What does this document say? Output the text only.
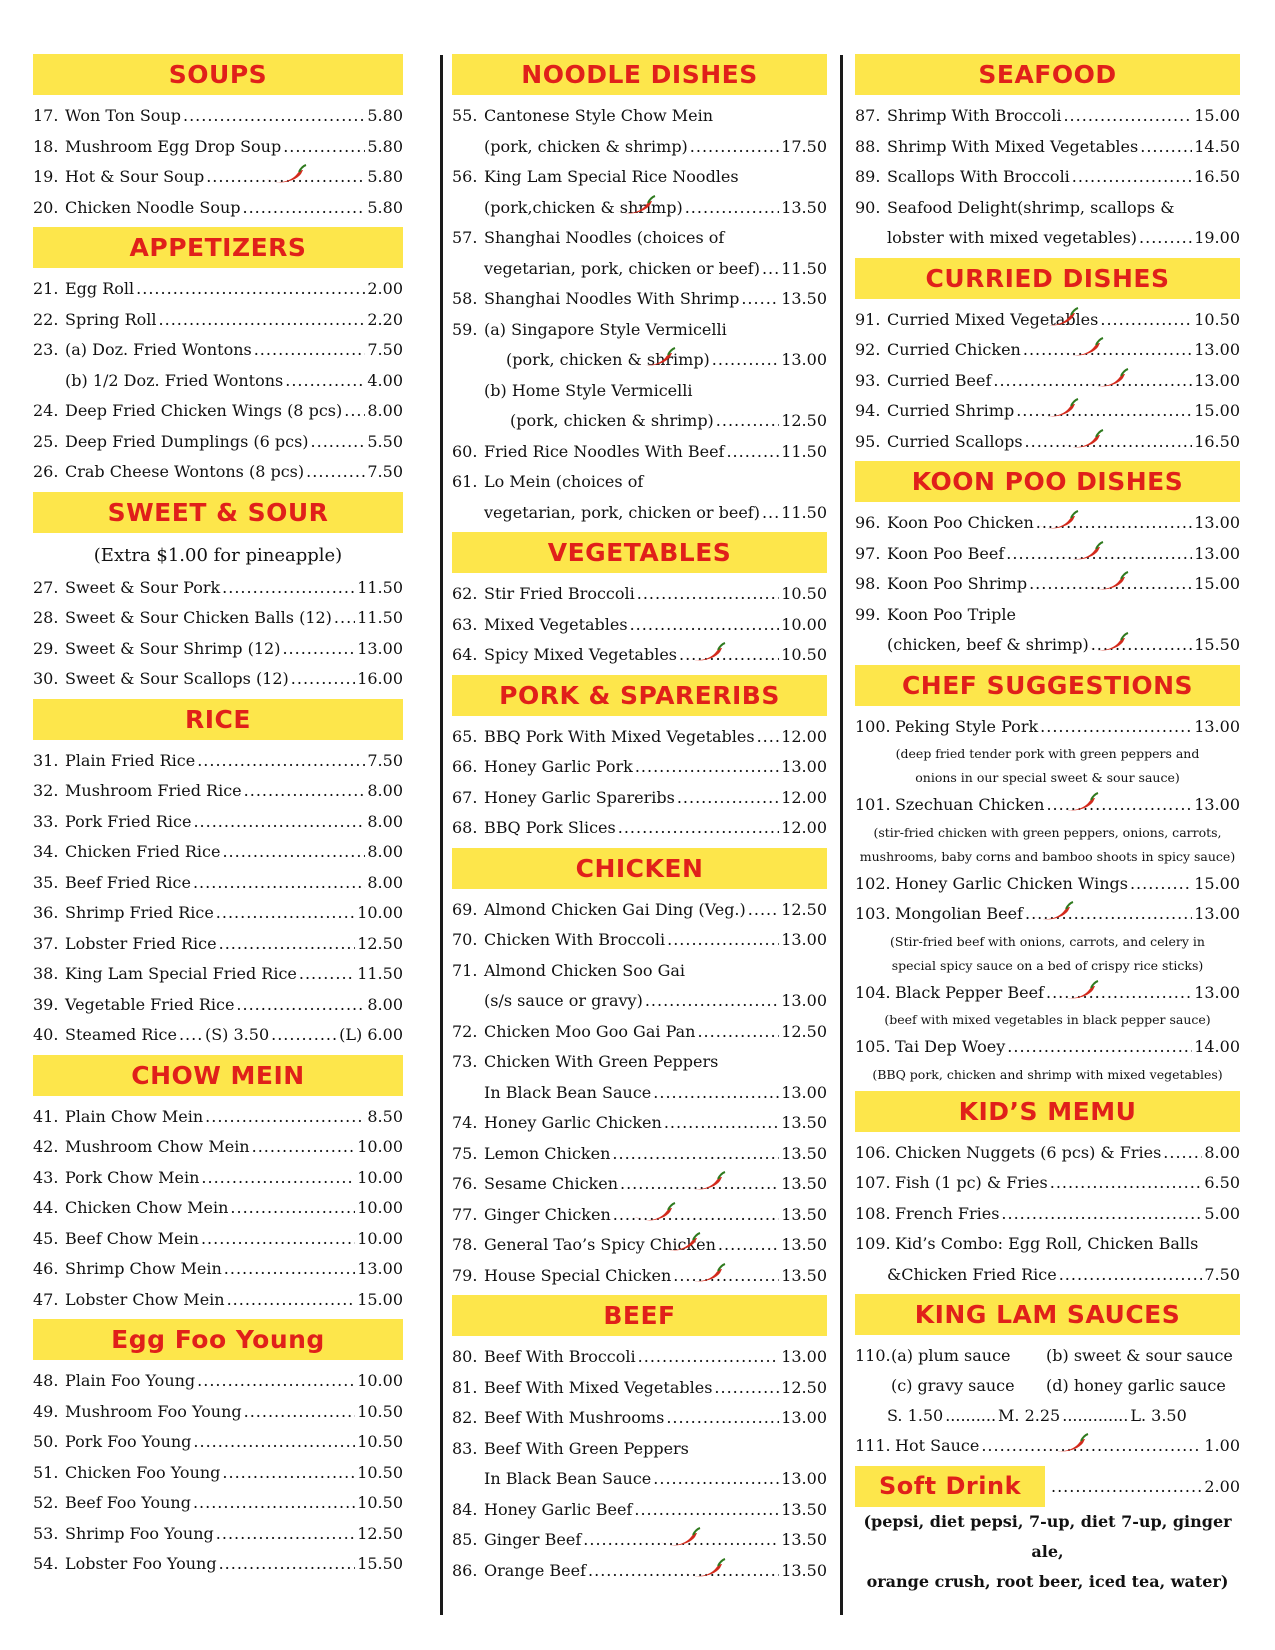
SOUPS
17. Won Ton Soup .....	5.80
18. Mushroom Egg Drop Soup .....	5.80
19. Hot & Sour Soup .....	5.80
20. Chicken Noodle Soup .....	5.80
APPETIZERS
21. Egg Roll .....	2.00
22. Spring Roll .....	2.20
23. (a) Doz. Fried Wontons .....	7.50
(b) 1/2 Doz. Fried Wontons .....	4.00
24. Deep Fried Chicken Wings (8 pcs) ..... 8.00
25. Deep Fried Dumplings (6 pcs) .....	5.50
26. Crab Cheese Wontons (8 pcs) .....	7.50
SWEET & SOUR
(Extra $1.00 for pineapple)
27. Sweet & Sour Pork .....	11.50
28. Sweet & Sour Chicken Balls (12) ..... 11.50
29. Sweet & Sour Shrimp (12) .....	13.00
30. Sweet & Sour Scallops (12) .....	16.00
RICE
31. Plain Fried Rice .....	7.50
32. Mushroom Fried Rice .....	8.00
33. Pork Fried Rice .....	8.00
34. Chicken Fried Rice .....	8.00
35. Beef Fried Rice .....	8.00
36. Shrimp Fried Rice .....	10.00
37. Lobster Fried Rice .....	12.50
38. King Lam Special Fried Rice .....	11.50
39. Vegetable Fried Rice .....	8.00
40. Steamed Rice ..... (S) 3.50 .....	(L) 6.00
CHOW MEIN
41. Plain Chow Mein .....	8.50
42. Mushroom Chow Mein .....	10.00
43. Pork Chow Mein .....	10.00
44. Chicken Chow Mein .....	10.00
45. Beef Chow Mein .....	10.00
46. Shrimp Chow Mein .....	13.00
47. Lobster Chow Mein .....	15.00
Egg Foo Young
48. Plain Foo Young .....	10.00
49. Mushroom Foo Young .....	10.50
50. Pork Foo Young .....	10.50
51. Chicken Foo Young .....	10.50
52. Beef Foo Young .....	10.50
53. Shrimp Foo Young .....	12.50
54. Lobster Foo Young .....	15.50
NOODLE DISHES
55. Cantonese Style Chow Mein
(pork, chicken & shrimp) .....	17.50
56. King Lam Special Rice Noodles
(pork,chicken & shrimp) .....	13.50
57. Shanghai Noodles (choices of
vegetarian, pork, chicken or beef) ..... 11.50
58. Shanghai Noodles With Shrimp .....	13.50
59. (a) Singapore Style Vermicelli
(pork, chicken & shrimp) .....	13.00
(b) Home Style Vermicelli
(pork, chicken & shrimp) .....	12.50
60. Fried Rice Noodles With Beef .....	11.50
61. Lo Mein (choices of
vegetarian, pork, chicken or beef) ..... 11.50
VEGETABLES
62. Stir Fried Broccoli .....	10.50
63. Mixed Vegetables .....	10.00
64. Spicy Mixed Vegetables .....	10.50
PORK & SPARERIBS
65. BBQ Pork With Mixed Vegetables ..... 12.00
66. Honey Garlic Pork .....	13.00
67. Honey Garlic Spareribs .....	12.00
68. BBQ Pork Slices .....	12.00
CHICKEN
69. Almond Chicken Gai Ding (Veg.) ..... 12.50
70. Chicken With Broccoli .....	13.00
71. Almond Chicken Soo Gai
(s/s sauce or gravy) .....	13.00
72. Chicken Moo Goo Gai Pan .....	12.50
73. Chicken With Green Peppers
In Black Bean Sauce .....	13.00
74. Honey Garlic Chicken .....	13.50
75. Lemon Chicken .....	13.50
76. Sesame Chicken .....	13.50
77. Ginger Chicken .....	13.50
78. General Tao’s Spicy Chicken .....	13.50
79. House Special Chicken .....	13.50
BEEF
80. Beef With Broccoli .....	13.00
81. Beef With Mixed Vegetables .....	12.50
82. Beef With Mushrooms .....	13.00
83. Beef With Green Peppers
In Black Bean Sauce .....	13.00
84. Honey Garlic Beef .....	13.50
85. Ginger Beef .....	13.50
86. Orange Beef .....	13.50
SEAFOOD
87. Shrimp With Broccoli .....	15.00
88. Shrimp With Mixed Vegetables .....	14.50
89. Scallops With Broccoli .....	16.50
90. Seafood Delight(shrimp, scallops &
lobster with mixed vegetables) .....	19.00
CURRIED DISHES
91. Curried Mixed Vegetables .....	10.50
92. Curried Chicken .....	13.00
93. Curried Beef .....	13.00
94. Curried Shrimp .....	15.00
95. Curried Scallops .....	16.50
KOON POO DISHES
96. Koon Poo Chicken .....	13.00
97. Koon Poo Beef .....	13.00
98. Koon Poo Shrimp .....	15.00
99. Koon Poo Triple
(chicken, beef & shrimp) .....	15.50
CHEF SUGGESTIONS
100. Peking Style Pork .....	13.00
(deep fried tender pork with green peppers and
onions in our special sweet & sour sauce)
101. Szechuan Chicken .....	13.00
(stir-fried chicken with green peppers, onions, carrots,
mushrooms, baby corns and bamboo shoots in spicy sauce)
102. Honey Garlic Chicken Wings .....	15.00
103. Mongolian Beef .....	13.00
(Stir-fried beef with onions, carrots, and celery in
special spicy sauce on a bed of crispy rice sticks)
104. Black Pepper Beef .....	13.00
(beef with mixed vegetables in black pepper sauce)
105. Tai Dep Woey .....	14.00
(BBQ pork, chicken and shrimp with mixed vegetables)
KID’S MEMU
106. Chicken Nuggets (6 pcs) & Fries .....	8.00
107. Fish (1 pc) & Fries .....	6.50
108. French Fries .....	5.00
109. Kid’s Combo: Egg Roll, Chicken Balls
&Chicken Fried Rice .....	7.50
KING LAM SAUCES
110. (a) plum sauce	(b) sweet & sour sauce
(c) gravy sauce	(d) honey garlic sauce
S. 1.50 .......... M. 2.25 ............. L. 3.50
111. Hot Sauce .....	1.00
Soft Drink .....	2.00
(pepsi, diet pepsi, 7-up, diet 7-up, ginger ale,
orange crush, root beer, iced tea, water)
